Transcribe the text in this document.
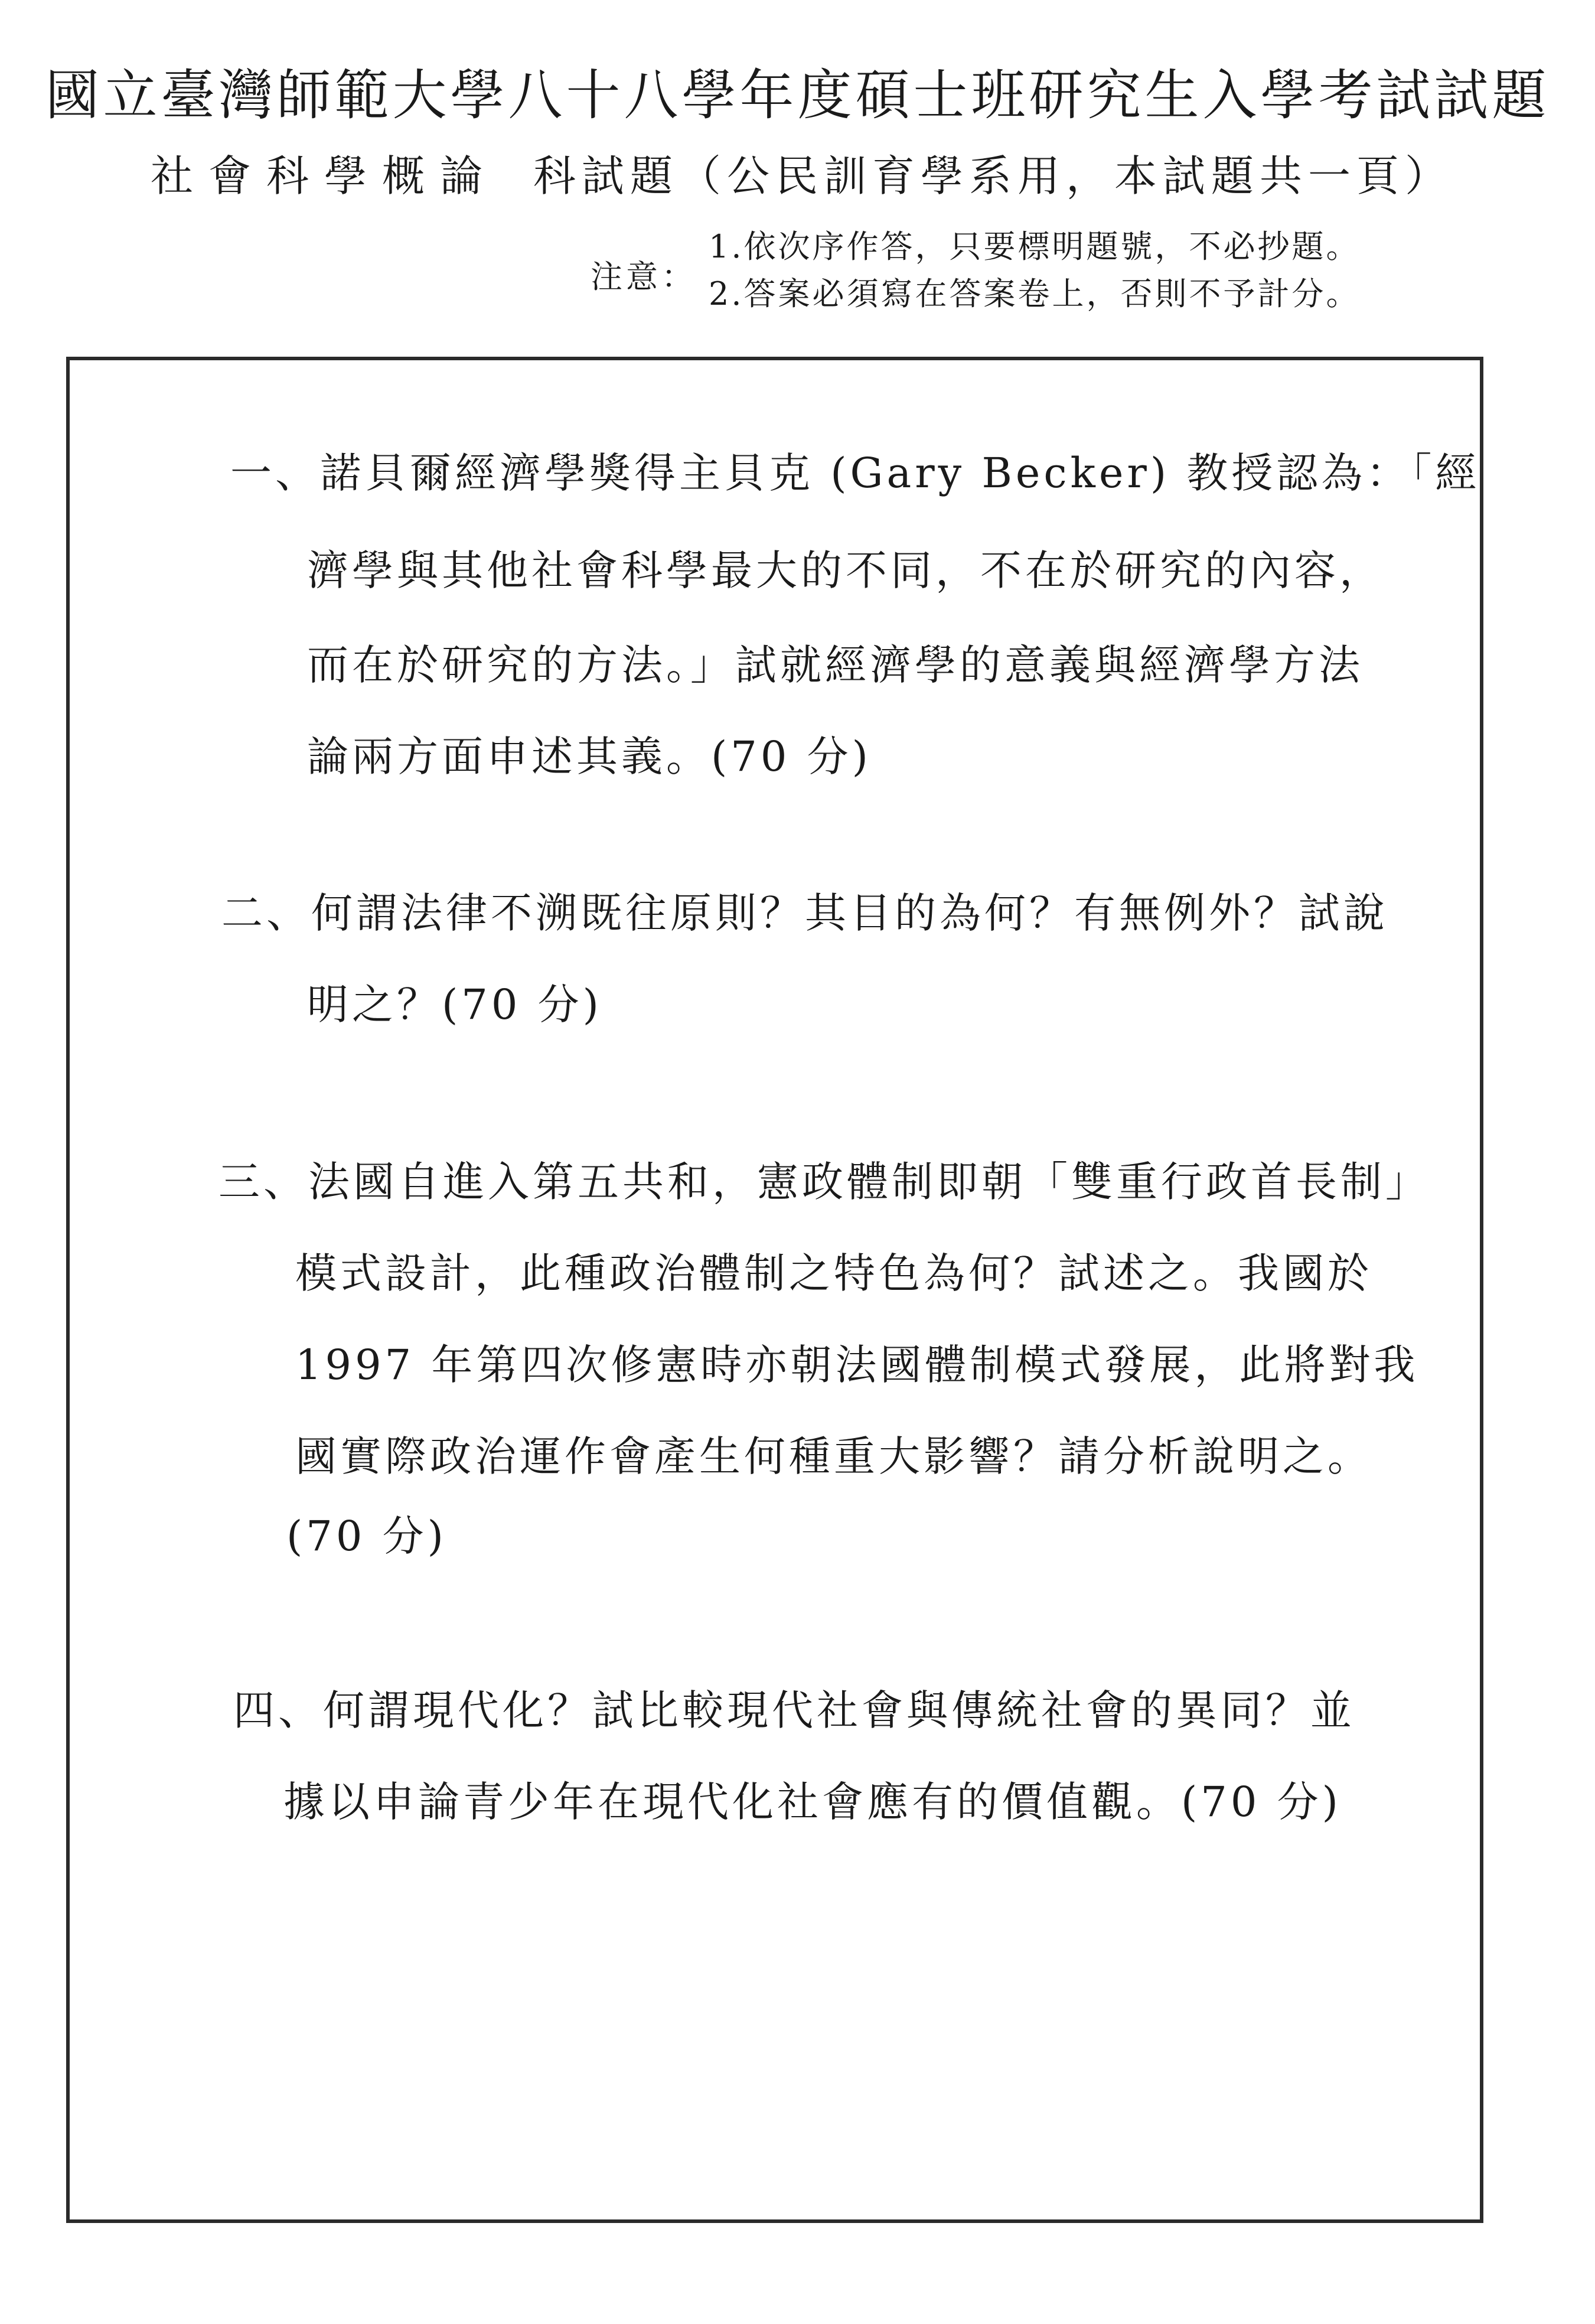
國立臺灣師範大學八十八學年度碩士班研究生入學考試試題
社會科學概論 科試題（公民訓育學系用，本試題共一頁）
注意：
1.依次序作答，只要標明題號，不必抄題。
2.答案必須寫在答案卷上，否則不予計分。
一、諾貝爾經濟學獎得主貝克 (Gary Becker) 教授認為：「經
濟學與其他社會科學最大的不同，不在於研究的內容，
而在於研究的方法。」試就經濟學的意義與經濟學方法
論兩方面申述其義。(70 分)
二、何謂法律不溯既往原則？其目的為何？有無例外？試說
明之？(70 分)
三、法國自進入第五共和，憲政體制即朝「雙重行政首長制」
模式設計，此種政治體制之特色為何？試述之。我國於
1997 年第四次修憲時亦朝法國體制模式發展，此將對我
國實際政治運作會產生何種重大影響？請分析說明之。
(70 分)
四、何謂現代化？試比較現代社會與傳統社會的異同？並
據以申論青少年在現代化社會應有的價值觀。(70 分)
